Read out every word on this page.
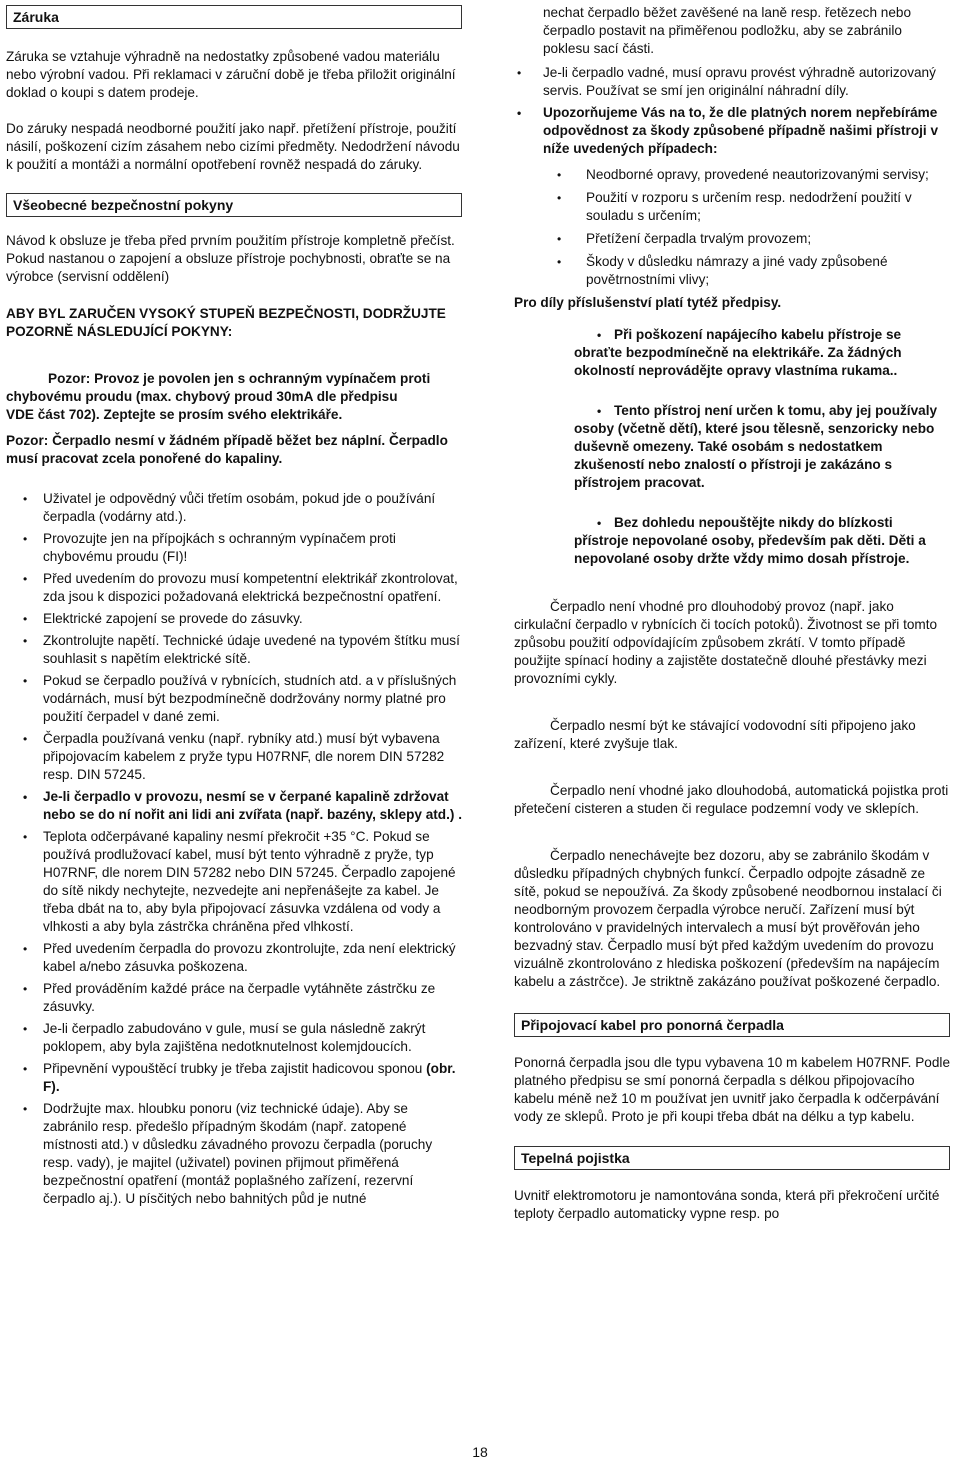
Záruka

Záruka se vztahuje výhradně na nedostatky způsobené vadou materiálu nebo výrobní vadou. Při reklamaci v záruční době je třeba přiložit originální doklad o koupi s datem prodeje.

Do záruky nespadá neodborné použití jako např. přetížení přístroje, použití násilí, poškození cizím zásahem nebo cizími předměty. Nedodržení návodu k použití a montáži a normální opotřebení rovněž nespadá do záruky.

Všeobecné bezpečnostní pokyny

Návod k obsluze je třeba před prvním použitím přístroje kompletně přečíst. Pokud nastanou o zapojení a obsluze přístroje pochybnosti, obraťte se na výrobce (servisní oddělení)

ABY BYL ZARUČEN VYSOKÝ STUPEŇ BEZPEČNOSTI, DODRŽUJTE POZORNĚ NÁSLEDUJÍCÍ POKYNY:

Pozor: Provoz je povolen jen s ochranným vypínačem proti chybovému proudu (max. chybový proud 30mA dle předpisu

VDE část 702). Zeptejte se prosím svého elektrikáře.

Pozor: Čerpadlo nesmí v žádném případě běžet bez náplní. Čerpadlo musí pracovat zcela ponořené do kapaliny.

• Uživatel je odpovědný vůči třetím osobám, pokud jde o používání čerpadla (vodárny atd.).
• Provozujte jen na přípojkách s ochranným vypínačem proti chybovému proudu (FI)!
• Před uvedením do provozu musí kompetentní elektrikář zkontrolovat, zda jsou k dispozici požadovaná elektrická bezpečnostní opatření.
• Elektrické zapojení se provede do zásuvky.
• Zkontrolujte napětí. Technické údaje uvedené na typovém štítku musí souhlasit s napětím elektrické sítě.
• Pokud se čerpadlo používá v rybnících, studních atd. a v příslušných vodárnách, musí být bezpodmínečně dodržovány normy platné pro použití čerpadel v dané zemi.
• Čerpadla používaná venku (např. rybníky atd.) musí být vybavena připojovacím kabelem z pryže typu H07RNF, dle norem DIN 57282 resp. DIN 57245.
• Je-li čerpadlo v provozu, nesmí se v čerpané kapalině zdržovat nebo se do ní nořit ani lidi ani zvířata (např. bazény, sklepy atd.) .
• Teplota odčerpávané kapaliny nesmí překročit +35 °C. Pokud se používá prodlužovací kabel, musí být tento výhradně z pryže, typ H07RNF, dle norem DIN 57282 nebo DIN 57245. Čerpadlo zapojené do sítě nikdy nechytejte, nezvedejte ani nepřenášejte za kabel. Je třeba dbát na to, aby byla připojovací zásuvka vzdálena od vody a vlhkosti a aby byla zástrčka chráněna před vlhkostí.
• Před uvedením čerpadla do provozu zkontrolujte, zda není elektrický kabel a/nebo zásuvka poškozena.
• Před prováděním každé práce na čerpadle vytáhněte zástrčku ze zásuvky.
• Je-li čerpadlo zabudováno v gule, musí se gula následně zakrýt poklopem, aby byla zajištěna nedotknutelnost kolemjdoucích.
• Připevnění vypouštěcí trubky je třeba zajistit hadicovou sponou (obr. F).
• Dodržujte max. hloubku ponoru (viz technické údaje). Aby se zabránilo resp. předešlo případným škodám (např. zatopené místnosti atd.) v důsledku závadného provozu čerpadla (poruchy resp. vady), je majitel (uživatel) povinen přijmout přiměřená bezpečnostní opatření (montáž poplašného zařízení, rezervní čerpadlo aj.). U písčitých nebo bahnitých půd je nutné

nechat čerpadlo běžet zavěšené na laně resp. řetězech nebo čerpadlo postavit na přiměřenou podložku, aby se zabránilo poklesu sací části.

• Je-li čerpadlo vadné, musí opravu provést výhradně autorizovaný servis. Používat se smí jen originální náhradní díly.
• Upozorňujeme Vás na to, že dle platných norem nepřebíráme odpovědnost za škody způsobené případně našimi přístroji v níže uvedených případech:
• Neodborné opravy, provedené neautorizovanými servisy;
• Použití v rozporu s určením resp. nedodržení použití v souladu s určením;
• Přetížení čerpadla trvalým provozem;
• Škody v důsledku námrazy a jiné vady způsobené povětrnostními vlivy;

Pro díly příslušenství platí tytéž předpisy.

• Při poškození napájecího kabelu přístroje se obraťte bezpodmínečně na elektrikáře. Za žádných okolností neprovádějte opravy vlastníma rukama..
• Tento přístroj není určen k tomu, aby jej používaly osoby (včetně dětí), které jsou tělesně, senzoricky nebo duševně omezeny. Také osobám s nedostatkem zkušeností nebo znalostí o přístroji je zakázáno s přístrojem pracovat.
• Bez dohledu nepouštějte nikdy do blízkosti přístroje nepovolané osoby, především pak děti. Děti a nepovolané osoby držte vždy mimo dosah přístroje.

Čerpadlo není vhodné pro dlouhodobý provoz (např. jako cirkulační čerpadlo v rybnících či tocích potoků). Životnost se při tomto způsobu použití odpovídajícím způsobem zkrátí. V tomto případě použijte spínací hodiny a zajistěte dostatečně dlouhé přestávky mezi provozními cykly.

Čerpadlo nesmí být ke stávající vodovodní síti připojeno jako zařízení, které zvyšuje tlak.

Čerpadlo není vhodné jako dlouhodobá, automatická pojistka proti přetečení cisteren a studen či regulace podzemní vody ve sklepích.

Čerpadlo nenechávejte bez dozoru, aby se zabránilo škodám v důsledku případných chybných funkcí. Čerpadlo odpojte zásadně ze sítě, pokud se nepoužívá. Za škody způsobené neodbornou instalací či neodborným provozem čerpadla výrobce neručí. Zařízení musí být kontrolováno v pravidelných intervalech a musí být prověřován jeho bezvadný stav. Čerpadlo musí být před každým uvedením do provozu vizuálně zkontrolováno z hlediska poškození (především na napájecím kabelu a zástrčce). Je striktně zakázáno používat poškozené čerpadlo.

Připojovací kabel pro ponorná čerpadla

Ponorná čerpadla jsou dle typu vybavena 10 m kabelem H07RNF. Podle platného předpisu se smí ponorná čerpadla s délkou připojovacího kabelu méně než 10 m používat jen uvnitř jako čerpadla k odčerpávání vody ze sklepů. Proto je při koupi třeba dbát na délku a typ kabelu.

Tepelná pojistka

Uvnitř elektromotoru je namontována sonda, která při překročení určité teploty čerpadlo automaticky vypne resp. po

18
